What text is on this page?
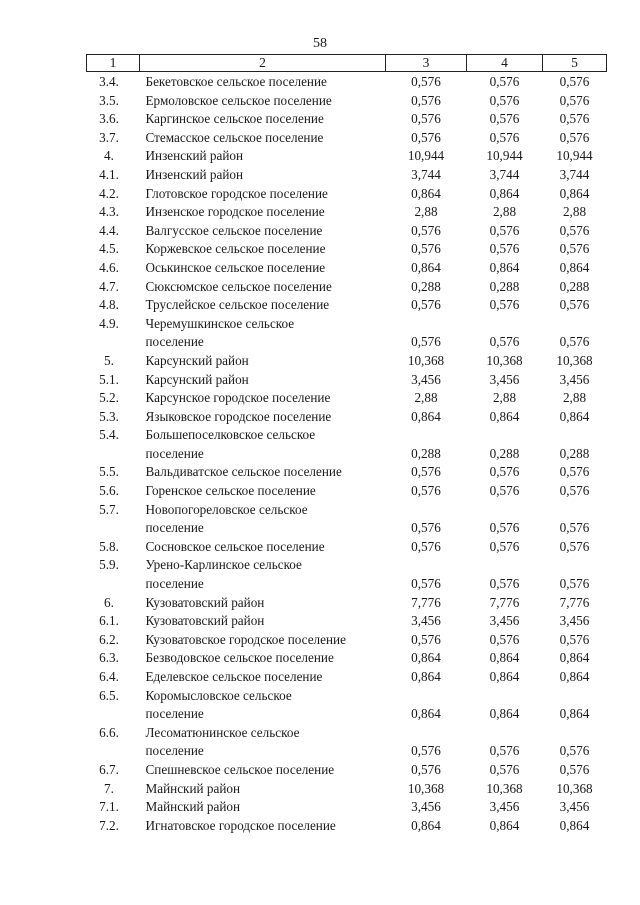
58
1	2	3	4	5
3.4.	Бекетовское сельское поселение	0,576	0,576	0,576
3.5.	Ермоловское сельское поселение	0,576	0,576	0,576
3.6.	Каргинское сельское поселение	0,576	0,576	0,576
3.7.	Стемасское сельское поселение	0,576	0,576	0,576
4.	Инзенский район	10,944	10,944	10,944
4.1.	Инзенский район	3,744	3,744	3,744
4.2.	Глотовское городское поселение	0,864	0,864	0,864
4.3.	Инзенское городское поселение	2,88	2,88	2,88
4.4.	Валгусское сельское поселение	0,576	0,576	0,576
4.5.	Коржевское сельское поселение	0,576	0,576	0,576
4.6.	Оськинское сельское поселение	0,864	0,864	0,864
4.7.	Сюксюмское сельское поселение	0,288	0,288	0,288
4.8.	Труслейское сельское поселение	0,576	0,576	0,576
4.9.	Черемушкинское сельское
поселение	0,576	0,576	0,576
5.	Карсунский район	10,368	10,368	10,368
5.1.	Карсунский район	3,456	3,456	3,456
5.2.	Карсунское городское поселение	2,88	2,88	2,88
5.3.	Языковское городское поселение	0,864	0,864	0,864
5.4.	Большепоселковское сельское
поселение	0,288	0,288	0,288
5.5.	Вальдиватское сельское поселение	0,576	0,576	0,576
5.6.	Горенское сельское поселение	0,576	0,576	0,576
5.7.	Новопогореловское сельское
поселение	0,576	0,576	0,576
5.8.	Сосновское сельское поселение	0,576	0,576	0,576
5.9.	Урено-Карлинское сельское
поселение	0,576	0,576	0,576
6.	Кузоватовский район	7,776	7,776	7,776
6.1.	Кузоватовский район	3,456	3,456	3,456
6.2.	Кузоватовское городское поселение	0,576	0,576	0,576
6.3.	Безводовское сельское поселение	0,864	0,864	0,864
6.4.	Еделевское сельское поселение	0,864	0,864	0,864
6.5.	Коромысловское сельское
поселение	0,864	0,864	0,864
6.6.	Лесоматюнинское сельское
поселение	0,576	0,576	0,576
6.7.	Спешневское сельское поселение	0,576	0,576	0,576
7.	Майнский район	10,368	10,368	10,368
7.1.	Майнский район	3,456	3,456	3,456
7.2.	Игнатовское городское поселение	0,864	0,864	0,864
